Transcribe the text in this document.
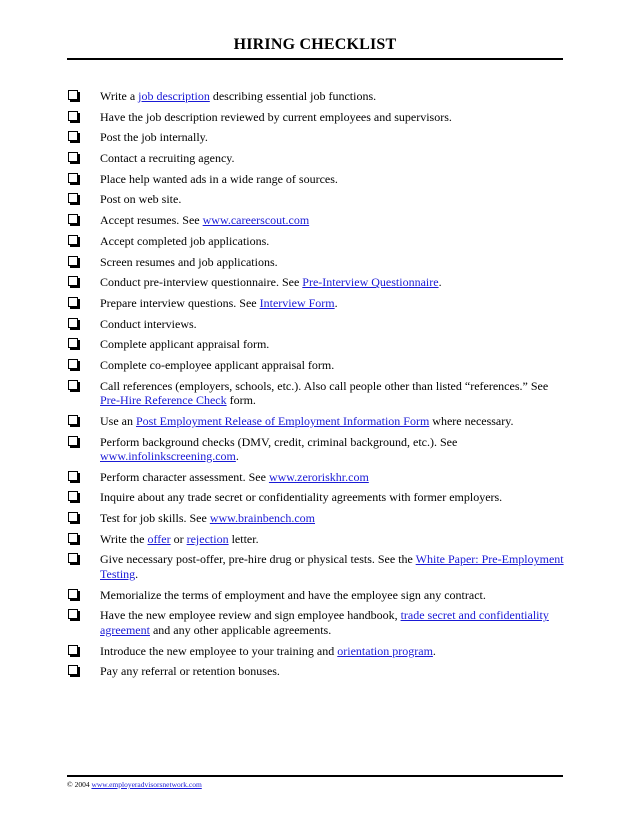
HIRING CHECKLIST
Write a job description describing essential job functions.
Have the job description reviewed by current employees and supervisors.
Post the job internally.
Contact a recruiting agency.
Place help wanted ads in a wide range of sources.
Post on web site.
Accept resumes. See www.careerscout.com
Accept completed job applications.
Screen resumes and job applications.
Conduct pre-interview questionnaire. See Pre-Interview Questionnaire.
Prepare interview questions. See Interview Form.
Conduct interviews.
Complete applicant appraisal form.
Complete co-employee applicant appraisal form.
Call references (employers, schools, etc.). Also call people other than listed “references.” See Pre-Hire Reference Check form.
Use an Post Employment Release of Employment Information Form where necessary.
Perform background checks (DMV, credit, criminal background, etc.). See www.infolinkscreening.com.
Perform character assessment. See www.zeroriskhr.com
Inquire about any trade secret or confidentiality agreements with former employers.
Test for job skills. See www.brainbench.com
Write the offer or rejection letter.
Give necessary post-offer, pre-hire drug or physical tests. See the White Paper: Pre-Employment Testing.
Memorialize the terms of employment and have the employee sign any contract.
Have the new employee review and sign employee handbook, trade secret and confidentiality agreement and any other applicable agreements.
Introduce the new employee to your training and orientation program.
Pay any referral or retention bonuses.
© 2004 www.employeradvisorsnetwork.com
